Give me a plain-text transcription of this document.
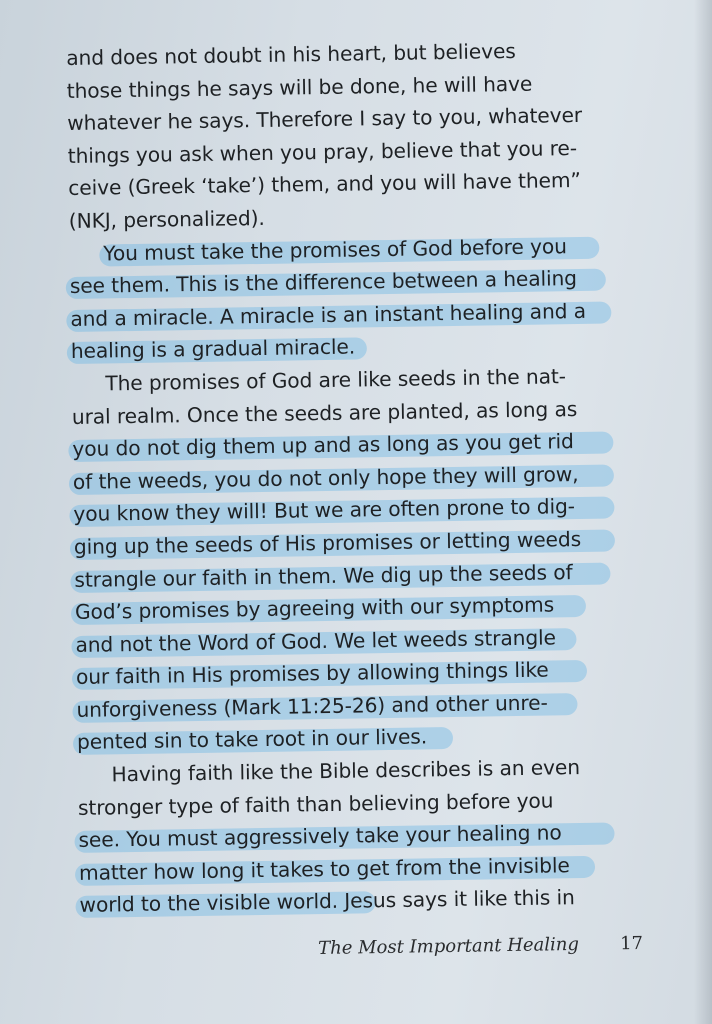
and does not doubt in his heart, but believes
those things he says will be done, he will have
whatever he says. Therefore I say to you, whatever
things you ask when you pray, believe that you re-
ceive (Greek ‘take’) them, and you will have them”
(NKJ, personalized).
You must take the promises of God before you
see them. This is the difference between a healing
and a miracle. A miracle is an instant healing and a
healing is a gradual miracle.
The promises of God are like seeds in the nat-
ural realm. Once the seeds are planted, as long as
you do not dig them up and as long as you get rid
of the weeds, you do not only hope they will grow,
you know they will! But we are often prone to dig-
ging up the seeds of His promises or letting weeds
strangle our faith in them. We dig up the seeds of
God’s promises by agreeing with our symptoms
and not the Word of God. We let weeds strangle
our faith in His promises by allowing things like
unforgiveness (Mark 11:25-26) and other unre-
pented sin to take root in our lives.
Having faith like the Bible describes is an even
stronger type of faith than believing before you
see. You must aggressively take your healing no
matter how long it takes to get from the invisible
world to the visible world. Jesus says it like this in
The Most Important Healing 17
